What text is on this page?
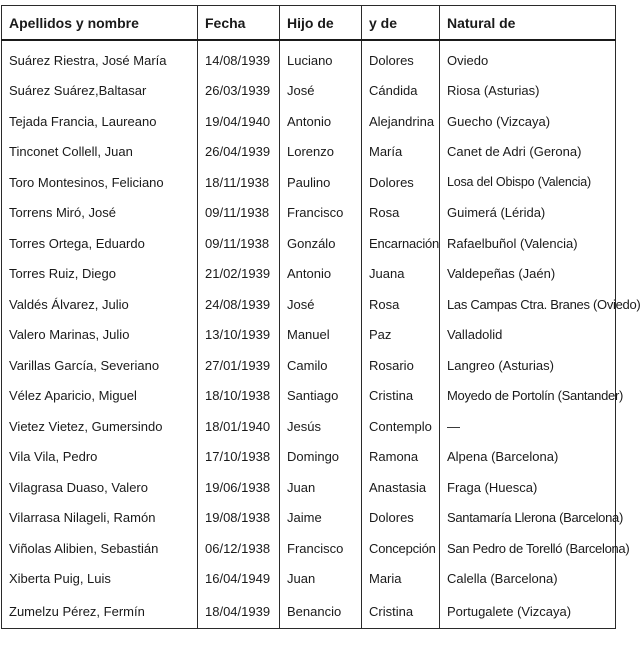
Apellidos y nombre	Fecha	Hijo de	y de	Natural de
Suárez Riestra, José María	14/08/1939	Luciano	Dolores	Oviedo
Suárez Suárez,Baltasar	26/03/1939	José	Cándida	Riosa (Asturias)
Tejada Francia, Laureano	19/04/1940	Antonio	Alejandrina	Guecho (Vizcaya)
Tinconet Collell, Juan	26/04/1939	Lorenzo	María	Canet de Adri (Gerona)
Toro Montesinos, Feliciano	18/11/1938	Paulino	Dolores	Losa del Obispo (Valencia)
Torrens Miró, José	09/11/1938	Francisco	Rosa	Guimerá (Lérida)
Torres Ortega, Eduardo	09/11/1938	Gonzálo	Encarnación	Rafaelbuñol (Valencia)
Torres Ruiz, Diego	21/02/1939	Antonio	Juana	Valdepeñas (Jaén)
Valdés Álvarez, Julio	24/08/1939	José	Rosa	Las Campas Ctra. Branes (Oviedo)
Valero Marinas, Julio	13/10/1939	Manuel	Paz	Valladolid
Varillas García, Severiano	27/01/1939	Camilo	Rosario	Langreo (Asturias)
Vélez Aparicio, Miguel	18/10/1938	Santiago	Cristina	Moyedo de Portolín (Santander)
Vietez Vietez, Gumersindo	18/01/1940	Jesús	Contemplo	—
Vila Vila, Pedro	17/10/1938	Domingo	Ramona	Alpena (Barcelona)
Vilagrasa Duaso, Valero	19/06/1938	Juan	Anastasia	Fraga (Huesca)
Vilarrasa Nilageli, Ramón	19/08/1938	Jaime	Dolores	Santamaría Llerona (Barcelona)
Viñolas Alibien, Sebastián	06/12/1938	Francisco	Concepción	San Pedro de Torelló (Barcelona)
Xiberta Puig, Luis	16/04/1949	Juan	Maria	Calella (Barcelona)
Zumelzu Pérez, Fermín	18/04/1939	Benancio	Cristina	Portugalete (Vizcaya)
